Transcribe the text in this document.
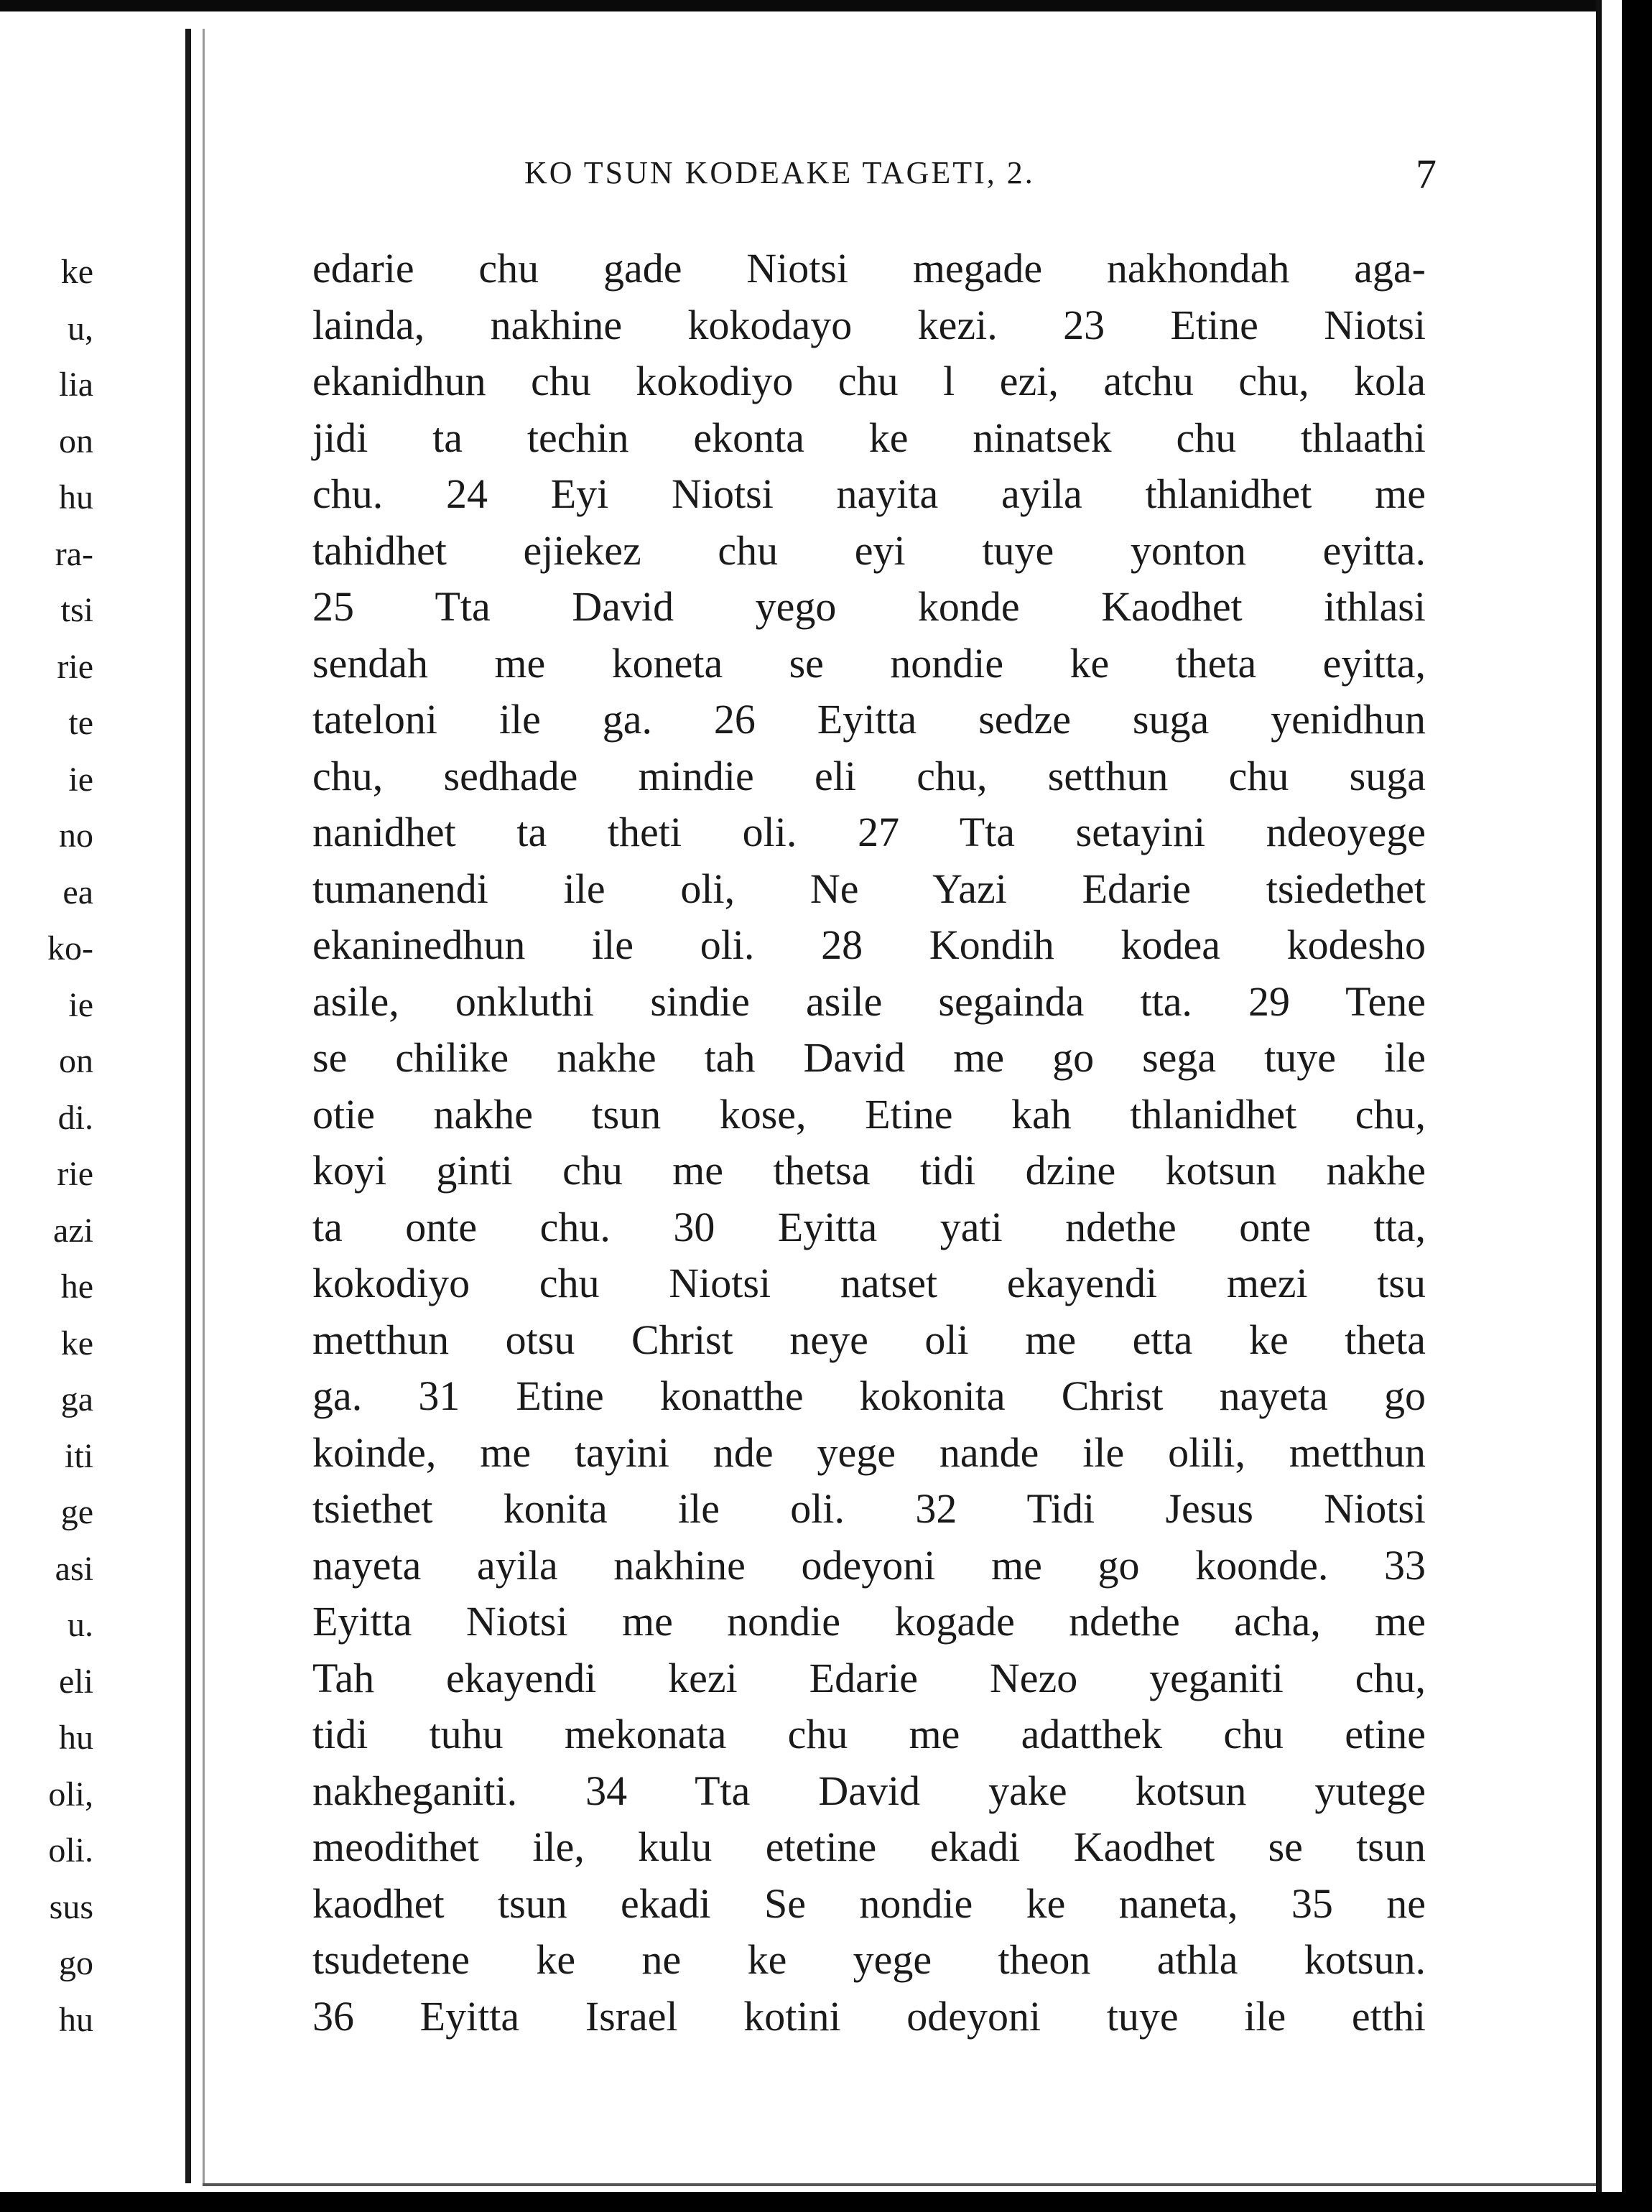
ke
u,
lia
on
hu
ra-
tsi
rie
te
ie
no
ea
ko-
ie
on
di.
rie
azi
he
ke
ga
iti
ge
asi
u.
eli
hu
oli,
oli.
sus
go
hu
KO TSUN KODEAKE TAGETI, 2.	7
edarie chu gade Niotsi megade nakhondah aga-
lainda, nakhine kokodayo kezi. 23 Etine Niotsi
ekanidhun chu kokodiyo chu l ezi, atchu chu, kola
jidi ta techin ekonta ke ninatsek chu thlaathi
chu. 24 Eyi Niotsi nayita ayila thlanidhet me
tahidhet ejiekez chu eyi tuye yonton eyitta.
25 Tta David yego konde Kaodhet ithlasi
sendah me koneta se nondie ke theta eyitta,
tateloni ile ga. 26 Eyitta sedze suga yenidhun
chu, sedhade mindie eli chu, setthun chu suga
nanidhet ta theti oli. 27 Tta setayini ndeoyege
tumanendi ile oli, Ne Yazi Edarie tsiedethet
ekaninedhun ile oli. 28 Kondih kodea kodesho
asile, onkluthi sindie asile segainda tta. 29 Tene
se chilike nakhe tah David me go sega tuye ile
otie nakhe tsun kose, Etine kah thlanidhet chu,
koyi ginti chu me thetsa tidi dzine kotsun nakhe
ta onte chu. 30 Eyitta yati ndethe onte tta,
kokodiyo chu Niotsi natset ekayendi mezi tsu
metthun otsu Christ neye oli me etta ke theta
ga. 31 Etine konatthe kokonita Christ nayeta go
koinde, me tayini nde yege nande ile olili, metthun
tsiethet konita ile oli. 32 Tidi Jesus Niotsi
nayeta ayila nakhine odeyoni me go koonde. 33
Eyitta Niotsi me nondie kogade ndethe acha, me
Tah ekayendi kezi Edarie Nezo yeganiti chu,
tidi tuhu mekonata chu me adatthek chu etine
nakheganiti. 34 Tta David yake kotsun yutege
meodithet ile, kulu etetine ekadi Kaodhet se tsun
kaodhet tsun ekadi Se nondie ke naneta, 35 ne
tsudetene ke ne ke yege theon athla kotsun.
36 Eyitta Israel kotini odeyoni tuye ile etthi
